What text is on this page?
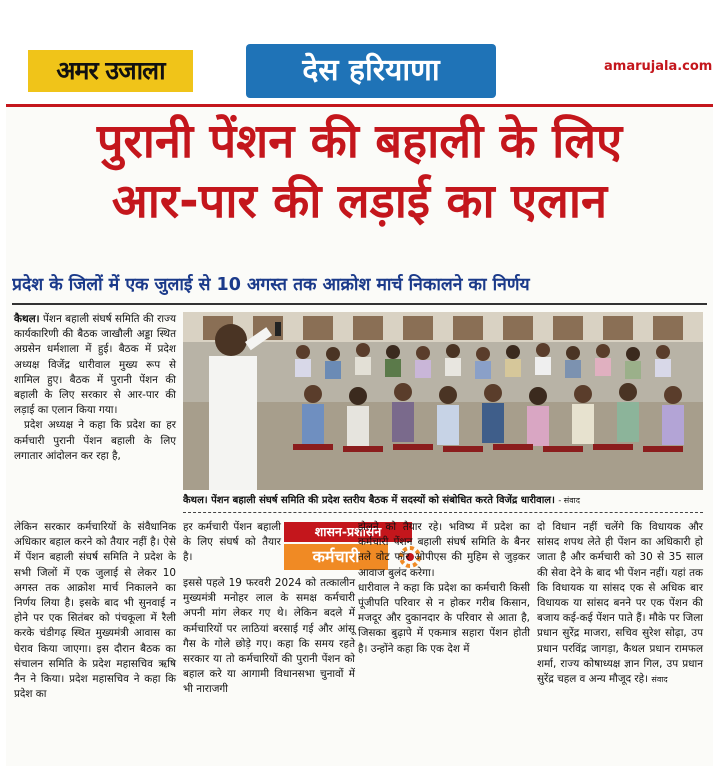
अमर उजाला	देस हरियाणा	amarujala.com
पुरानी पेंशन की बहाली के लिए
आर-पार की लड़ाई का एलान
प्रदेश के जिलों में एक जुलाई से 10 अगस्त तक आक्रोश मार्च निकालने का निर्णय

कैथल। पेंशन बहाली संघर्ष समिति की राज्य कार्यकारिणी की बैठक जाखौली अड्डा स्थित अग्रसेन धर्मशाला में हुई। बैठक में प्रदेश अध्यक्ष विजेंद्र धारीवाल मुख्य रूप से शामिल हुए। बैठक में पुरानी पेंशन की बहाली के लिए सरकार से आर-पार की लड़ाई का एलान किया गया।

प्रदेश अध्यक्ष ने कहा कि प्रदेश का हर कर्मचारी पुरानी पेंशन बहाली के लिए लगातार आंदोलन कर रहा है,

कैथल। पेंशन बहाली संघर्ष समिति की प्रदेश स्तरीय बैठक में सदस्यों को संबोधित करते विजेंद्र धारीवाल। - संवाद
लेकिन सरकार कर्मचारियों के संवैधानिक अधिकार बहाल करने को तैयार नहीं है। ऐसे में पेंशन बहाली संघर्ष समिति ने प्रदेश के सभी जिलों में एक जुलाई से लेकर 10 अगस्त तक आक्रोश मार्च निकालने का निर्णय लिया है। इसके बाद भी सुनवाई न होने पर एक सितंबर को पंचकूला में रैली करके चंडीगढ़ स्थित मुख्यमंत्री आवास का घेराव किया जाएगा। इस दौरान बैठक का संचालन समिति के प्रदेश महासचिव ऋषि नैन ने किया। प्रदेश महासचिव ने कहा कि प्रदेश का
हर कर्मचारी पेंशन बहाली के लिए संघर्ष को तैयार है।
शासन-प्रशासन
कर्मचारी
इससे पहले 19 फरवरी 2024 को तत्कालीन मुख्यमंत्री मनोहर लाल के समक्ष कर्मचारी अपनी मांग लेकर गए थे। लेकिन बदले में कर्मचारियों पर लाठियां बरसाई गई और आंसू गैस के गोले छोड़े गए। कहा कि समय रहते सरकार या तो कर्मचारियों की पुरानी पेंशन को बहाल करे या आगामी विधानसभा चुनावों में भी नाराजगी
झेलने को तैयार रहे। भविष्य में प्रदेश का कर्मचारी पेंशन बहाली संघर्ष समिति के बैनर तले वोट फॉर ओपीएस की मुहिम से जुड़कर आवाज बुलंद करेगा।
धारीवाल ने कहा कि प्रदेश का कर्मचारी किसी पूंजीपति परिवार से न होकर गरीब किसान, मजदूर और दुकानदार के परिवार से आता है, जिसका बुढ़ापे में एकमात्र सहारा पेंशन होती है। उन्होंने कहा कि एक देश में
दो विधान नहीं चलेंगे कि विधायक और सांसद शपथ लेते ही पेंशन का अधिकारी हो जाता है और कर्मचारी को 30 से 35 साल की सेवा देने के बाद भी पेंशन नहीं। यहां तक कि विधायक या सांसद एक से अधिक बार विधायक या सांसद बनने पर एक पेंशन की बजाय कई-कई पेंशन पाते हैं। मौके पर जिला प्रधान सुरेंद्र माजरा, सचिव सुरेश सोढ़ा, उप प्रधान परविंद्र जागड़ा, कैथल प्रधान रामफल शर्मा, राज्य कोषाध्यक्ष ज्ञान गिल, उप प्रधान सुरेंद्र चहल व अन्य मौजूद रहे। संवाद
